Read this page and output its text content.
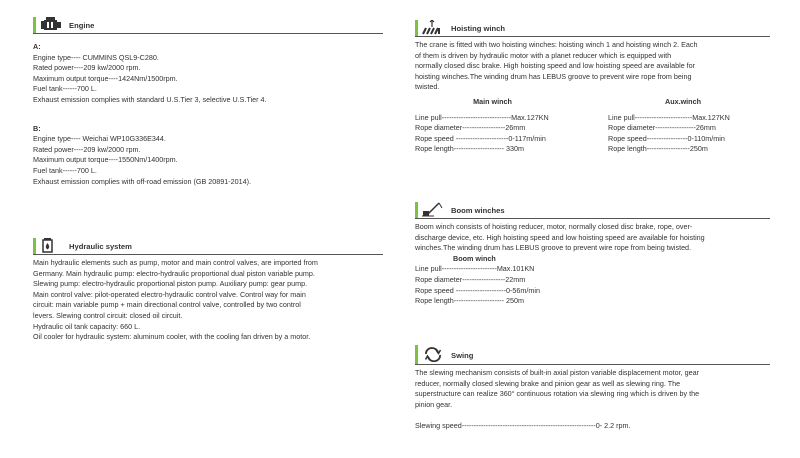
Engine
A:
Engine type---- CUMMINS QSL9-C280.
Rated power----209 kw/2000 rpm.
Maximum output torque----1424Nm/1500rpm.
Fuel tank------700 L.
Exhaust emission complies with standard U.S.Tier 3, selective U.S.Tier 4.
B:
Engine type---- Weichai WP10G336E344.
Rated power----209 kw/2000 rpm.
Maximum output torque----1550Nm/1400rpm.
Fuel tank------700 L.
Exhaust emission complies with off-road emission (GB 20891-2014).
Hydraulic system
Main hydraulic elements such as pump, motor and main control valves, are imported from
Germany. Main hydraulic pump: electro-hydraulic proportional dual piston variable pump.
Slewing pump: electro-hydraulic proportional piston pump. Auxiliary pump: gear pump.
Main control valve: pilot-operated electro-hydraulic control valve. Control way for main
circuit: main variable pump + main directional control valve, controlled by two control
levers. Slewing control circuit: closed oil circuit.
Hydraulic oil tank capacity: 660 L.
Oil cooler for hydraulic system: aluminum cooler, with the cooling fan driven by a motor.
Hoisting winch
The crane is fitted with two hoisting winches: hoisting winch 1 and hoisting winch 2. Each
of them is driven by hydraulic motor with a planet reducer which is equipped with
normally closed disc brake. High hoisting speed and low hoisting speed are available for
hoisting winches.The winding drum has LEBUS groove to prevent wire rope from being
twisted.
Main winch
Line pull-----------------------------Max.127KN
Rope diameter------------------26mm
Rope speed ----------------------0-117m/min
Rope length--------------------- 330m
Aux.winch
Line pull------------------------Max.127KN
Rope diameter-----------------26mm
Rope speed-----------------0-110m/min
Rope length------------------250m
Boom winches
Boom winch consists of hoisting reducer, motor, normally closed disc brake, rope, over-
discharge device, etc. High hoisting speed and low hoisting speed are available for hoisting
winches.The winding drum has LEBUS groove to prevent wire rope from being twisted.
Boom winch
Line pull-----------------------Max.101KN
Rope diameter------------------22mm
Rope speed ---------------------0-56m/min
Rope length--------------------- 250m
Swing
The slewing mechanism consists of built-in axial piston variable displacement motor, gear
reducer, normally closed slewing brake and pinion gear as well as slewing ring. The
superstructure can realize 360° continuous rotation via slewing ring which is driven by the
pinion gear.
Slewing speed--------------------------------------------------------0- 2.2 rpm.
